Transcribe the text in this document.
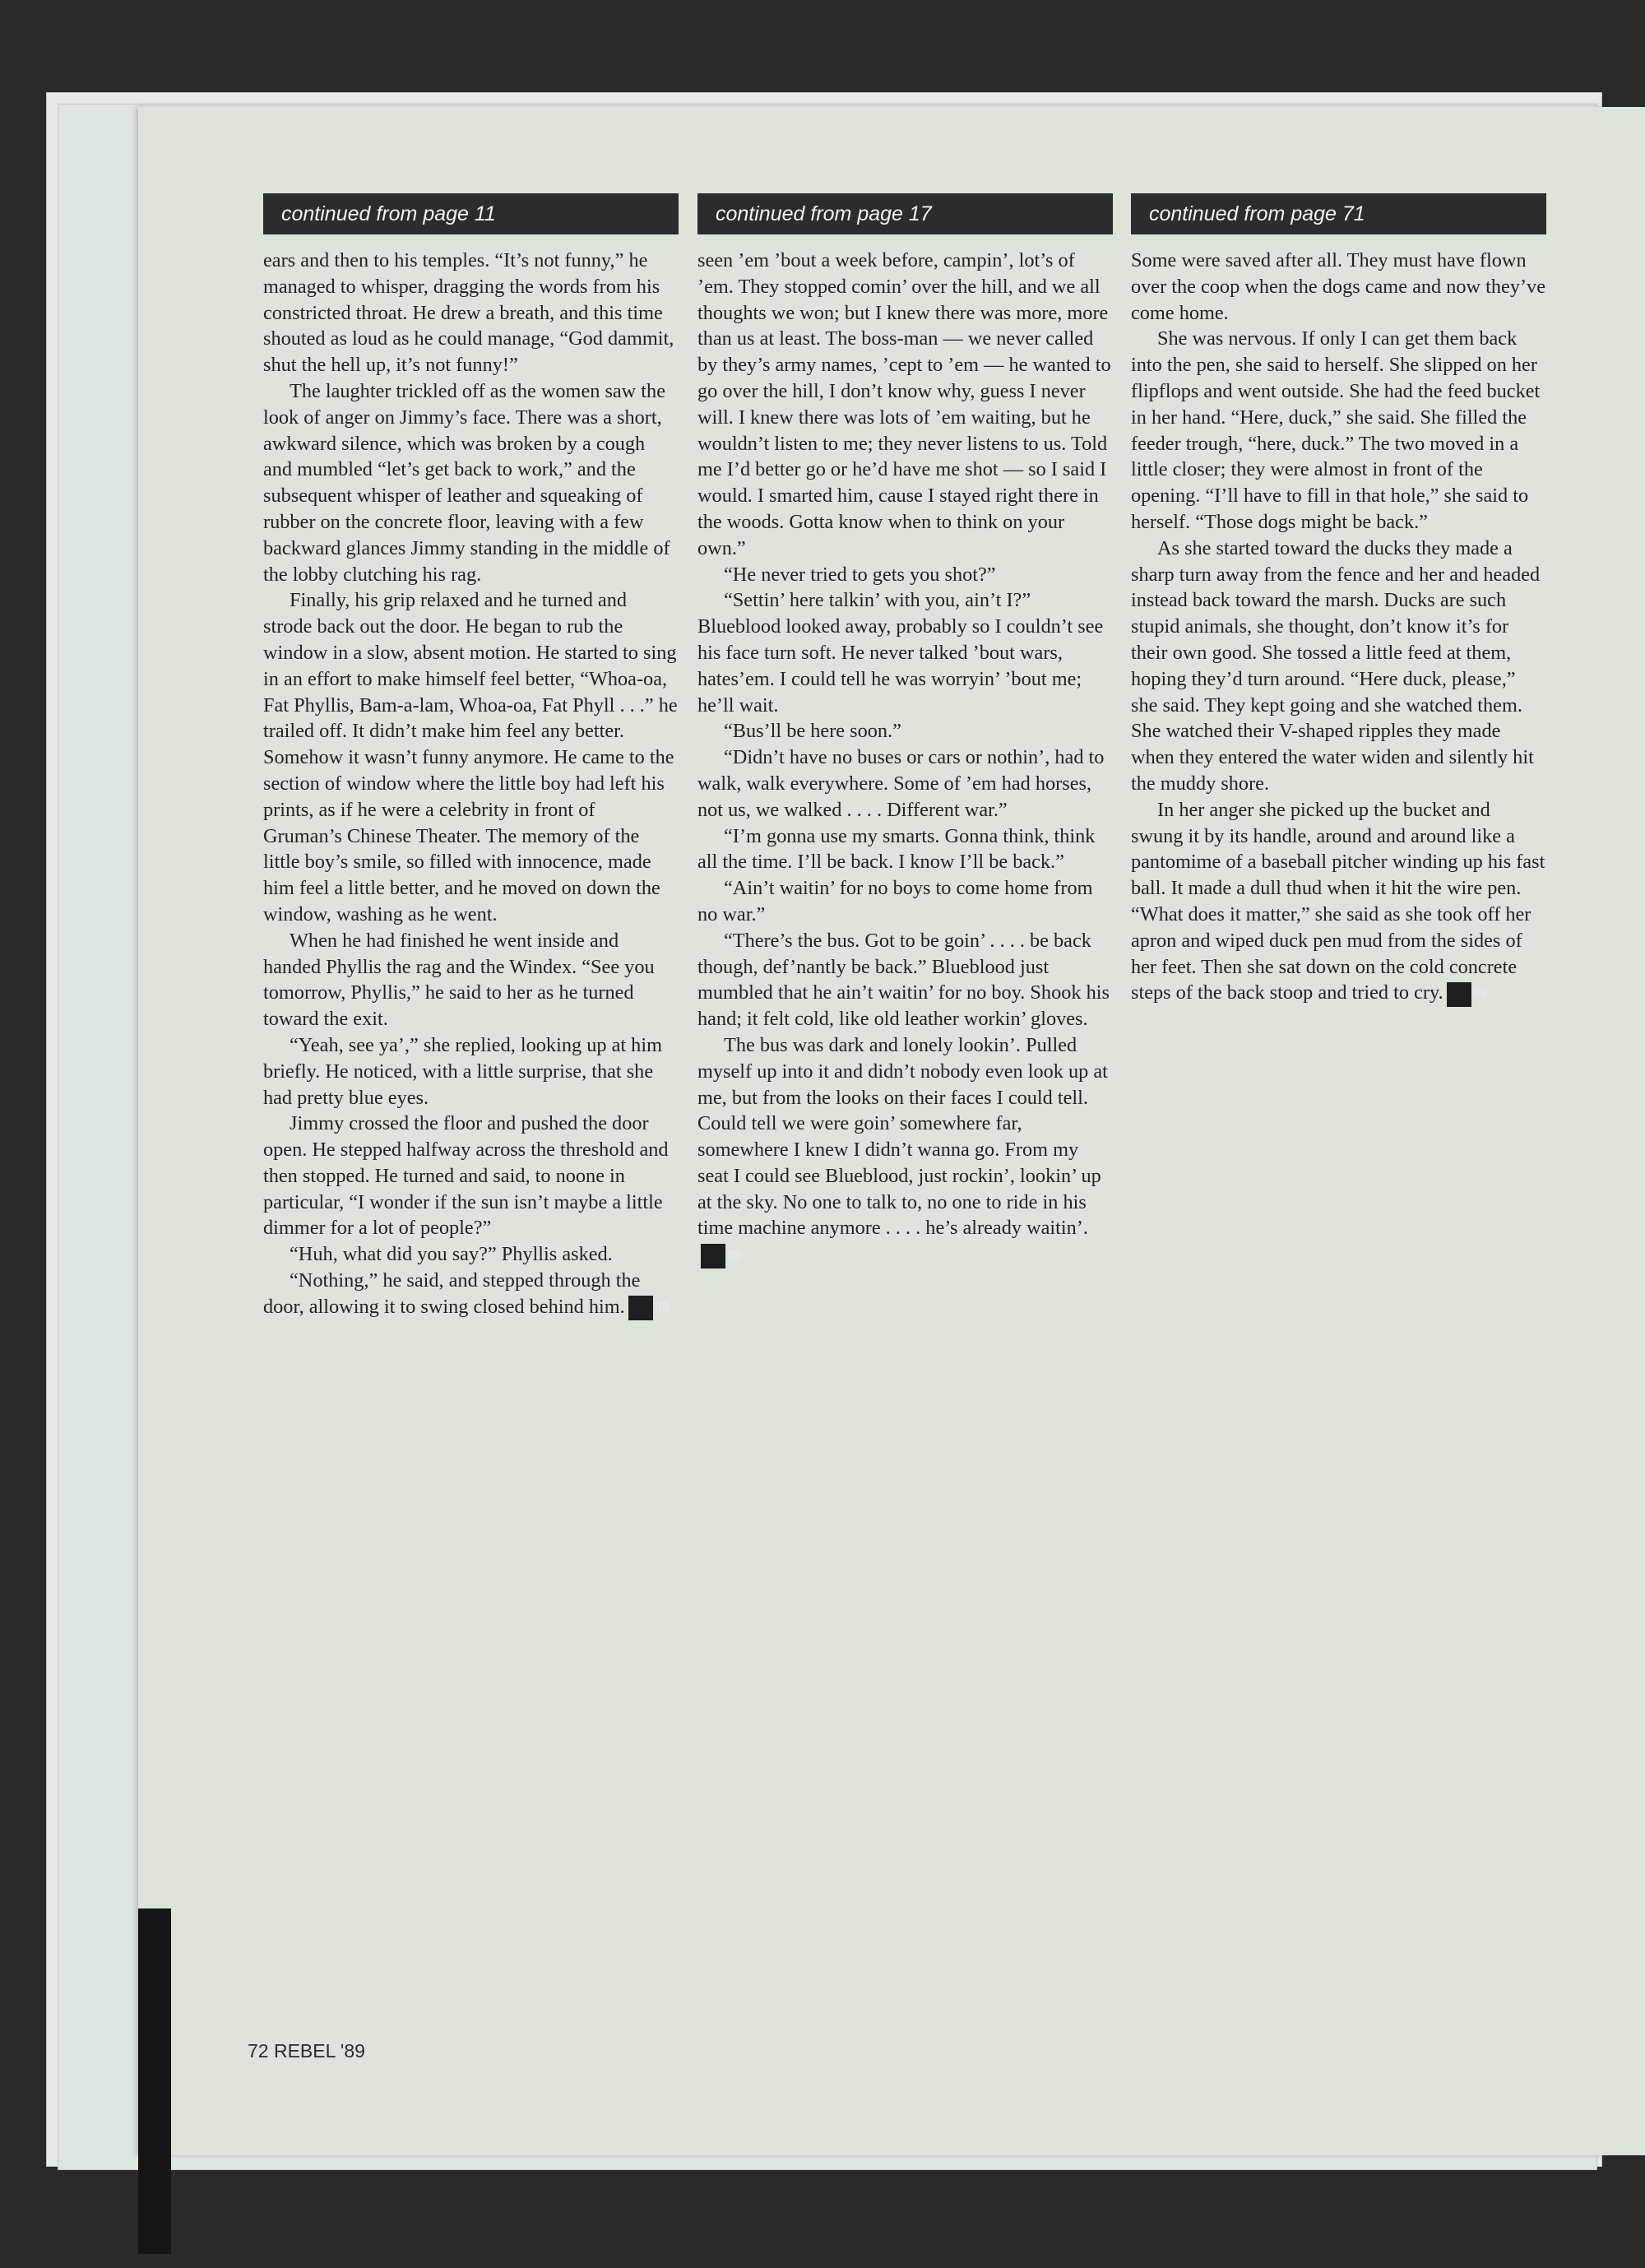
continued from page 11

ears and then to his temples. “It’s not funny,” he managed to whisper, dragging the words from his constricted throat. He drew a breath, and this time shouted as loud as he could manage, “God dammit, shut the hell up, it’s not funny!”

The laughter trickled off as the women saw the look of anger on Jimmy’s face. There was a short, awkward silence, which was broken by a cough and mumbled “let’s get back to work,” and the subsequent whisper of leather and squeaking of rubber on the concrete floor, leaving with a few backward glances Jimmy standing in the middle of the lobby clutching his rag.

Finally, his grip relaxed and he turned and strode back out the door. He began to rub the window in a slow, absent motion. He started to sing in an effort to make himself feel better, “Whoa-oa, Fat Phyllis, Bam-a-lam, Whoa-oa, Fat Phyll . . .” he trailed off. It didn’t make him feel any better. Somehow it wasn’t funny anymore. He came to the section of window where the little boy had left his prints, as if he were a celebrity in front of Gruman’s Chinese Theater. The memory of the little boy’s smile, so filled with innocence, made him feel a little better, and he moved on down the window, washing as he went.

When he had finished he went inside and handed Phyllis the rag and the Windex. “See you tomorrow, Phyllis,” he said to her as he turned toward the exit.

“Yeah, see ya’,” she replied, looking up at him briefly. He noticed, with a little surprise, that she had pretty blue eyes.

Jimmy crossed the floor and pushed the door open. He stepped halfway across the threshold and then stopped. He turned and said, to noone in particular, “I wonder if the sun isn’t maybe a little dimmer for a lot of people?”

“Huh, what did you say?” Phyllis asked.

“Nothing,” he said, and stepped through the door, allowing it to swing closed behind him. 89

continued from page 17

seen ’em ’bout a week before, campin’, lot’s of ’em. They stopped comin’ over the hill, and we all thoughts we won; but I knew there was more, more than us at least. The boss-man — we never called by they’s army names, ’cept to ’em — he wanted to go over the hill, I don’t know why, guess I never will. I knew there was lots of ’em waiting, but he wouldn’t listen to me; they never listens to us. Told me I’d better go or he’d have me shot — so I said I would. I smarted him, cause I stayed right there in the woods. Gotta know when to think on your own.”

“He never tried to gets you shot?”

“Settin’ here talkin’ with you, ain’t I?” Blueblood looked away, probably so I couldn’t see his face turn soft. He never talked ’bout wars, hates’em. I could tell he was worryin’ ’bout me; he’ll wait.

“Bus’ll be here soon.”

“Didn’t have no buses or cars or nothin’, had to walk, walk everywhere. Some of ’em had horses, not us, we walked . . . . Different war.”

“I’m gonna use my smarts. Gonna think, think all the time. I’ll be back. I know I’ll be back.”

“Ain’t waitin’ for no boys to come home from no war.”

“There’s the bus. Got to be goin’ . . . . be back though, def’nantly be back.” Blueblood just mumbled that he ain’t waitin’ for no boy. Shook his hand; it felt cold, like old leather workin’ gloves.

The bus was dark and lonely lookin’. Pulled myself up into it and didn’t nobody even look up at me, but from the looks on their faces I could tell. Could tell we were goin’ somewhere far, somewhere I knew I didn’t wanna go. From my seat I could see Blueblood, just rockin’, lookin’ up at the sky. No one to talk to, no one to ride in his time machine anymore . . . . he’s already waitin’.89

continued from page 71

Some were saved after all. They must have flown over the coop when the dogs came and now they’ve come home.

She was nervous. If only I can get them back into the pen, she said to herself. She slipped on her flipflops and went outside. She had the feed bucket in her hand. “Here, duck,” she said. She filled the feeder trough, “here, duck.” The two moved in a little closer; they were almost in front of the opening. “I’ll have to fill in that hole,” she said to herself. “Those dogs might be back.”

As she started toward the ducks they made a sharp turn away from the fence and her and headed instead back toward the marsh. Ducks are such stupid animals, she thought, don’t know it’s for their own good. She tossed a little feed at them, hoping they’d turn around. “Here duck, please,” she said. They kept going and she watched them. She watched their V-shaped ripples they made when they entered the water widen and silently hit the muddy shore.

In her anger she picked up the bucket and swung it by its handle, around and around like a pantomime of a baseball pitcher winding up his fast ball. It made a dull thud when it hit the wire pen. “What does it matter,” she said as she took off her apron and wiped duck pen mud from the sides of her feet. Then she sat down on the cold concrete steps of the back stoop and tried to cry. 89

72 REBEL '89
